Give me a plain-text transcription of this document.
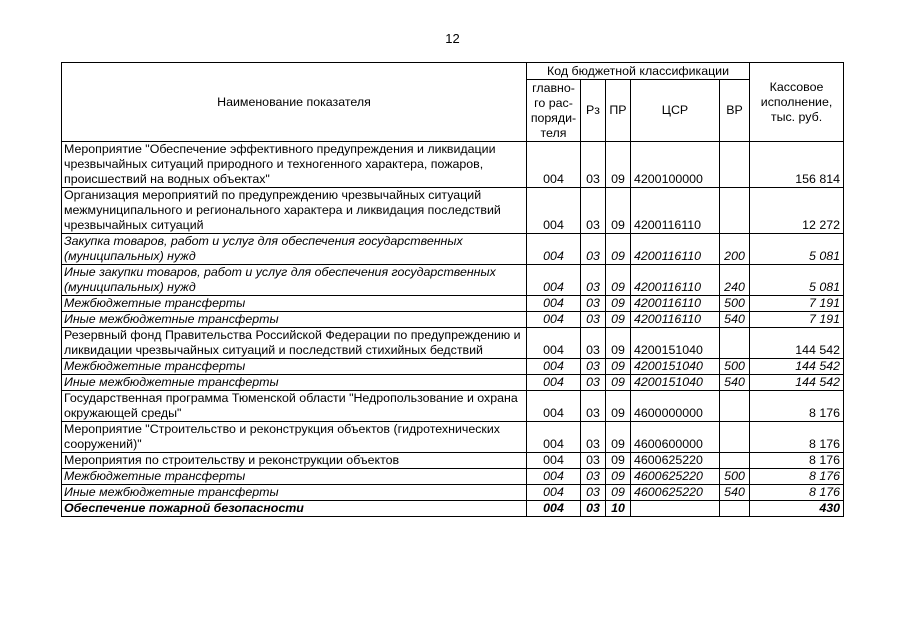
12
Наименование показателя	Код бюджетной классификации					Кассовое исполнение, тыс. руб.
	главно-го рас-поряди-теля	Рз	ПР	ЦСР	ВР	
Мероприятие "Обеспечение эффективного предупреждения и ликвидации чрезвычайных ситуаций природного и техногенного характера, пожаров, происшествий на водных объектах"	004	03	09	4200100000		156 814
Организация мероприятий по предупреждению чрезвычайных ситуаций межмуниципального и регионального характера и ликвидация последствий чрезвычайных ситуаций	004	03	09	4200116110		12 272
Закупка товаров, работ и услуг для обеспечения государственных (муниципальных) нужд	004	03	09	4200116110	200	5 081
Иные закупки товаров, работ и услуг для обеспечения государственных (муниципальных) нужд	004	03	09	4200116110	240	5 081
Межбюджетные трансферты	004	03	09	4200116110	500	7 191
Иные межбюджетные трансферты	004	03	09	4200116110	540	7 191
Резервный фонд Правительства Российской Федерации по предупреждению и ликвидации чрезвычайных ситуаций и последствий стихийных бедствий	004	03	09	4200151040		144 542
Межбюджетные трансферты	004	03	09	4200151040	500	144 542
Иные межбюджетные трансферты	004	03	09	4200151040	540	144 542
Государственная программа Тюменской области "Недропользование и охрана окружающей среды"	004	03	09	4600000000		8 176
Мероприятие "Строительство и реконструкция объектов (гидротехнических сооружений)"	004	03	09	4600600000		8 176
Мероприятия по строительству и реконструкции объектов	004	03	09	4600625220		8 176
Межбюджетные трансферты	004	03	09	4600625220	500	8 176
Иные межбюджетные трансферты	004	03	09	4600625220	540	8 176
Обеспечение пожарной безопасности	004	03	10			430
